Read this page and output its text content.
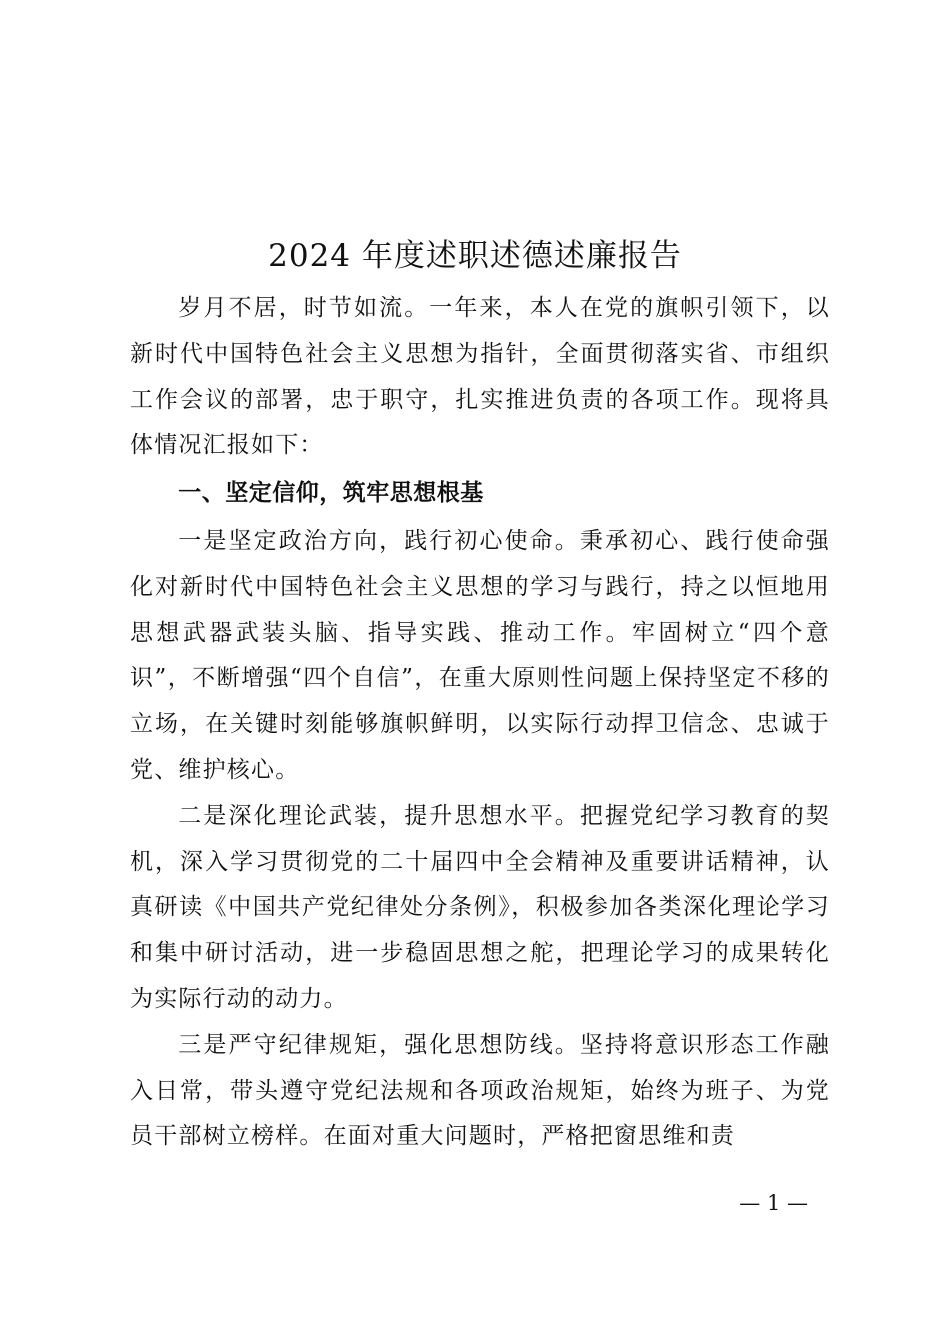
2024 年度述职述德述廉报告

岁月不居，时节如流。一年来，本人在党的旗帜引领下，以新时代中国特色社会主义思想为指针，全面贯彻落实省、市组织工作会议的部署，忠于职守，扎实推进负责的各项工作。现将具体情况汇报如下：

一、坚定信仰，筑牢思想根基

一是坚定政治方向，践行初心使命。秉承初心、践行使命强化对新时代中国特色社会主义思想的学习与践行，持之以恒地用思想武器武装头脑、指导实践、推动工作。牢固树立“四个意识”，不断增强“四个自信”，在重大原则性问题上保持坚定不移的立场，在关键时刻能够旗帜鲜明，以实际行动捍卫信念、忠诚于党、维护核心。

二是深化理论武装，提升思想水平。把握党纪学习教育的契机，深入学习贯彻党的二十届四中全会精神及重要讲话精神，认真研读《中国共产党纪律处分条例》，积极参加各类深化理论学习和集中研讨活动，进一步稳固思想之舵，把理论学习的成果转化为实际行动的动力。

三是严守纪律规矩，强化思想防线。坚持将意识形态工作融入日常，带头遵守党纪法规和各项政治规矩，始终为班子、为党员干部树立榜样。在面对重大问题时，严格把窗思维和责

— 1 —
